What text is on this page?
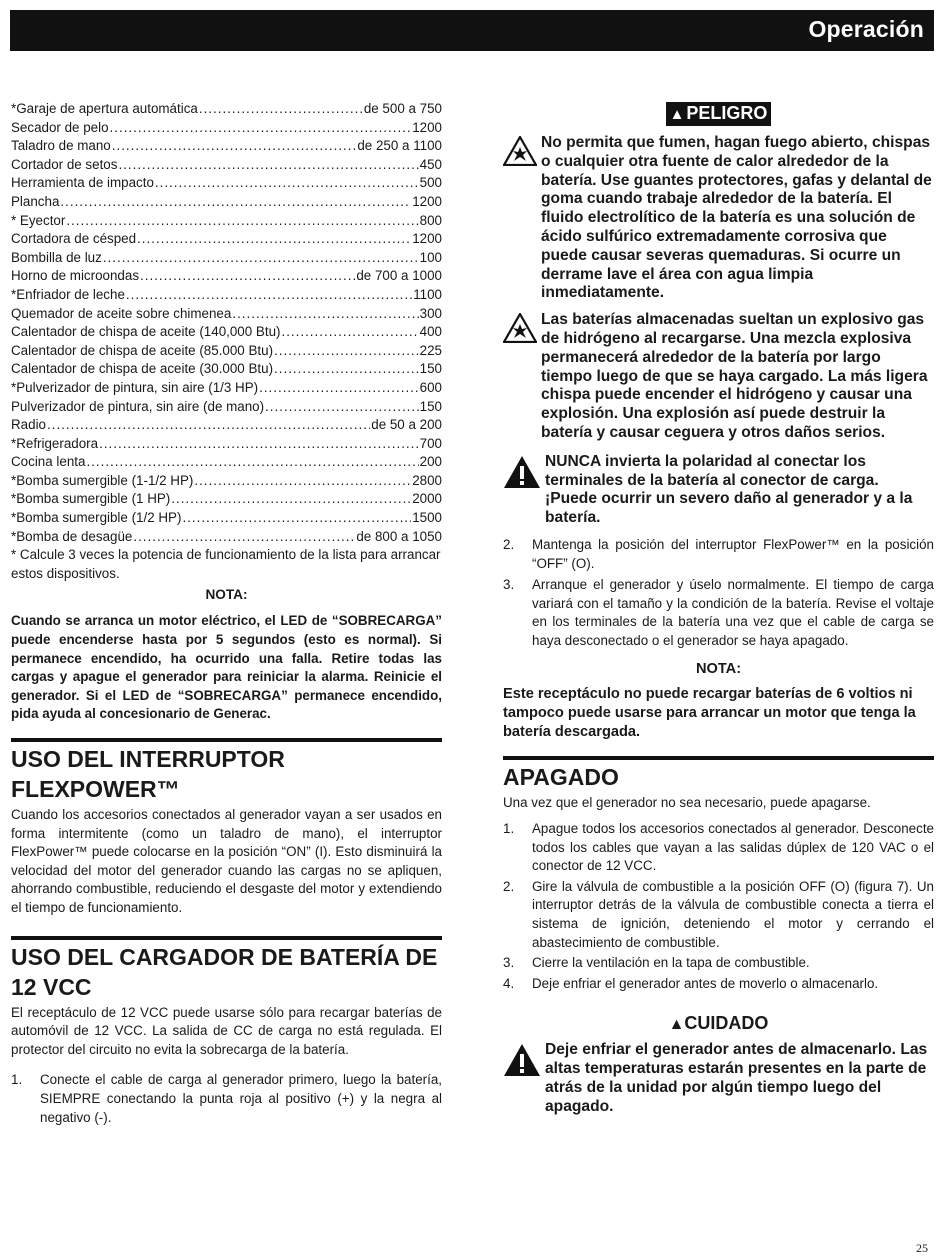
Operación
*Garaje de apertura automática .....	de 500 a 750
Secador de pelo .....	1200
Taladro de mano .....	de 250 a 1100
Cortador de setos .....	450
Herramienta de impacto .....	500
Plancha .....	1200
* Eyector .....	800
Cortadora de césped .....	1200
Bombilla de luz .....	100
Horno de microondas .....	de 700 a 1000
*Enfriador de leche .....	1100
Quemador de aceite sobre chimenea .....	300
Calentador de chispa de aceite (140,000 Btu) .....	400
Calentador de chispa de aceite (85.000 Btu) .....	225
Calentador de chispa de aceite (30.000 Btu) .....	150
*Pulverizador de pintura, sin aire (1/3 HP) .....	600
Pulverizador de pintura, sin aire (de mano) .....	150
Radio .....	de 50 a 200
*Refrigeradora .....	700
Cocina lenta .....	200
*Bomba sumergible (1-1/2 HP) .....	2800
*Bomba sumergible (1 HP) .....	2000
*Bomba sumergible (1/2 HP) .....	1500
*Bomba de desagüe .....	de 800 a 1050
* Calcule 3 veces la potencia de funcionamiento de la lista para arrancar estos dispositivos.
NOTA:
Cuando se arranca un motor eléctrico, el LED de “SOBRECARGA” puede encenderse hasta por 5 segundos (esto es normal). Si permanece encendido, ha ocurrido una falla. Retire todas las cargas y apague el generador para reiniciar la alarma. Reinicie el generador. Si el LED de “SOBRECARGA” permanece encendido, pida ayuda al concesionario de Generac.
USO DEL INTERRUPTOR FLEXPOWER™
Cuando los accesorios conectados al generador vayan a ser usados en forma intermitente (como un taladro de mano), el interruptor FlexPower™ puede colocarse en la posición “ON” (I). Esto disminuirá la velocidad del motor del generador cuando las cargas no se apliquen, ahorrando combustible, reduciendo el desgaste del motor y extendiendo el tiempo de funcionamiento.
USO DEL CARGADOR DE BATERÍA DE 12 VCC
El receptáculo de 12 VCC puede usarse sólo para recargar baterías de automóvil de 12 VCC. La salida de CC de carga no está regulada. El protector del circuito no evita la sobrecarga de la batería.
1.	Conecte el cable de carga al generador primero, luego la batería, SIEMPRE conectando la punta roja al positivo (+) y la negra al negativo (-).
▲ PELIGRO
No permita que fumen, hagan fuego abierto, chispas o cualquier otra fuente de calor alrededor de la batería. Use guantes protectores, gafas y delantal de goma cuando trabaje alrededor de la batería. El fluido electrolítico de la batería es una solución de ácido sulfúrico extremadamente corrosiva que puede causar severas quemaduras. Si ocurre un derrame lave el área con agua limpia inmediatamente.
Las baterías almacenadas sueltan un explosivo gas de hidrógeno al recargarse. Una mezcla explosiva permanecerá alrededor de la batería por largo tiempo luego de que se haya cargado. La más ligera chispa puede encender el hidrógeno y causar una explosión. Una explosión así puede destruir la batería y causar ceguera y otros daños serios.
NUNCA invierta la polaridad al conectar los terminales de la batería al conector de carga. ¡Puede ocurrir un severo daño al generador y a la batería.
2.	Mantenga la posición del interruptor FlexPower™ en la posición “OFF” (O).
3.	Arranque el generador y úselo normalmente. El tiempo de carga variará con el tamaño y la condición de la batería. Revise el voltaje en los terminales de la batería una vez que el cable de carga se haya desconectado o el generador se haya apagado.
NOTA:
Este receptáculo no puede recargar baterías de 6 voltios ni tampoco puede usarse para arrancar un motor que tenga la batería descargada.
APAGADO
Una vez que el generador no sea necesario, puede apagarse.
1.	Apague todos los accesorios conectados al generador. Desconecte todos los cables que vayan a las salidas dúplex de 120 VAC o el conector de 12 VCC.
2.	Gire la válvula de combustible a la posición OFF (O) (figura 7). Un interruptor detrás de la válvula de combustible conecta a tierra el sistema de ignición, deteniendo el motor y cerrando el abastecimiento de combustible.
3.	Cierre la ventilación en la tapa de combustible.
4.	Deje enfriar el generador antes de moverlo o almacenarlo.
▲CUIDADO
Deje enfriar el generador antes de almacenarlo. Las altas temperaturas estarán presentes en la parte de atrás de la unidad por algún tiempo luego del apagado.
25
